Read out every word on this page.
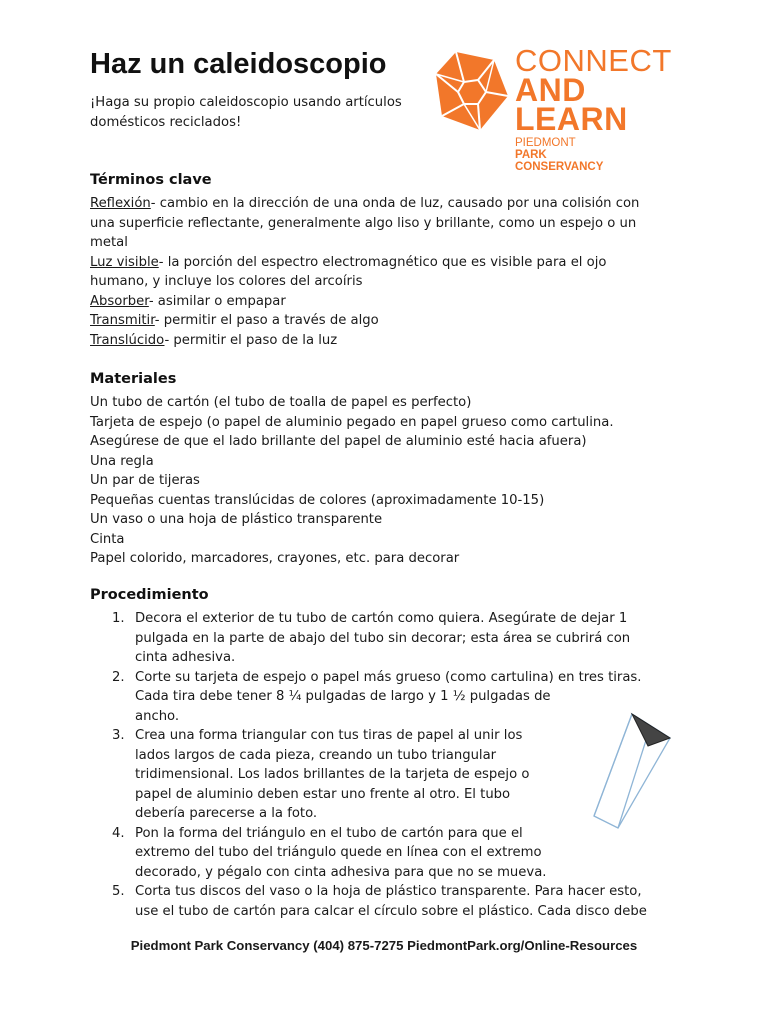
Haz un caleidoscopio
¡Haga su propio caleidoscopio usando artículos domésticos reciclados!
CONNECT
AND
LEARN
PIEDMONT
PARK
CONSERVANCY
Términos clave
Reflexión- cambio en la dirección de una onda de luz, causado por una colisión con
una superficie reflectante, generalmente algo liso y brillante, como un espejo o un
metal
Luz visible- la porción del espectro electromagnético que es visible para el ojo
humano, y incluye los colores del arcoíris
Absorber- asimilar o empapar
Transmitir- permitir el paso a través de algo
Translúcido- permitir el paso de la luz
Materiales
Un tubo de cartón (el tubo de toalla de papel es perfecto)
Tarjeta de espejo (o papel de aluminio pegado en papel grueso como cartulina.
Asegúrese de que el lado brillante del papel de aluminio esté hacia afuera)
Una regla
Un par de tijeras
Pequeñas cuentas translúcidas de colores (aproximadamente 10-15)
Un vaso o una hoja de plástico transparente
Cinta
Papel colorido, marcadores, crayones, etc. para decorar
Procedimiento
1. Decora el exterior de tu tubo de cartón como quiera. Asegúrate de dejar 1
pulgada en la parte de abajo del tubo sin decorar; esta área se cubrirá con
cinta adhesiva.
2. Corte su tarjeta de espejo o papel más grueso (como cartulina) en tres tiras.
Cada tira debe tener 8 ¼ pulgadas de largo y 1 ½ pulgadas de
ancho.
3. Crea una forma triangular con tus tiras de papel al unir los
lados largos de cada pieza, creando un tubo triangular
tridimensional. Los lados brillantes de la tarjeta de espejo o
papel de aluminio deben estar uno frente al otro. El tubo
debería parecerse a la foto.
4. Pon la forma del triángulo en el tubo de cartón para que el
extremo del tubo del triángulo quede en línea con el extremo
decorado, y pégalo con cinta adhesiva para que no se mueva.
5. Corta tus discos del vaso o la hoja de plástico transparente. Para hacer esto,
use el tubo de cartón para calcar el círculo sobre el plástico. Cada disco debe
Piedmont Park Conservancy (404) 875-7275 PiedmontPark.org/Online-Resources
